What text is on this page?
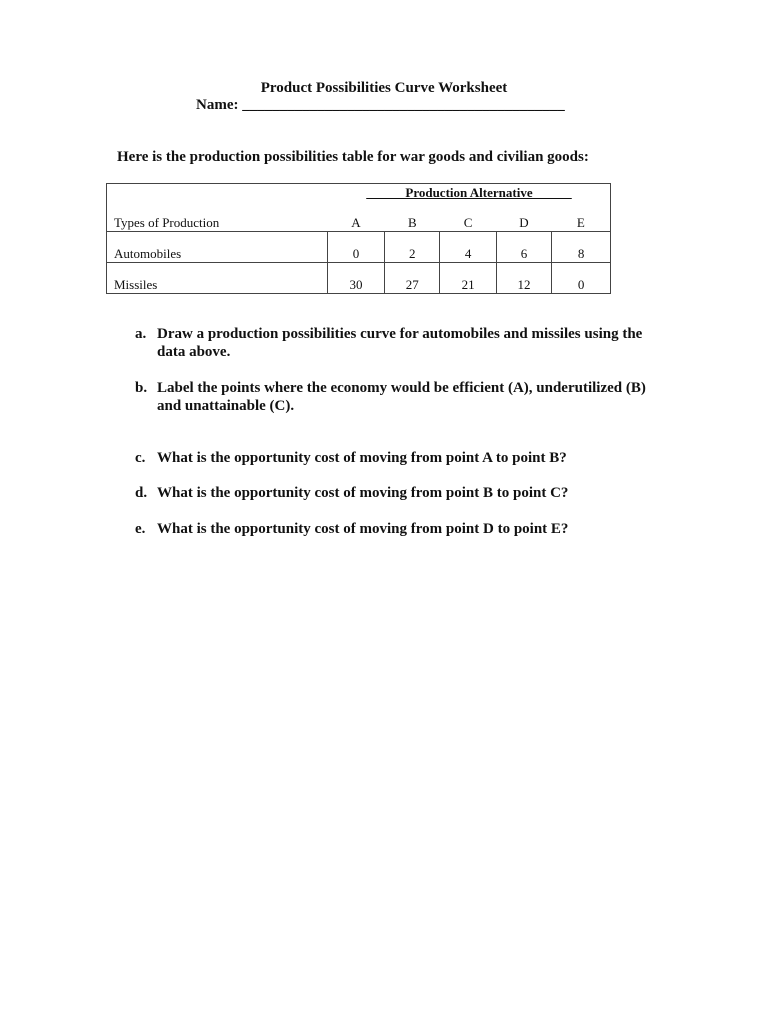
Product Possibilities Curve Worksheet
Name: ___________________________________________
Here is the production possibilities table for war goods and civilian goods:
Types of Production	A	B	C	D	E
Automobiles	0	2	4	6	8
Missiles	30	27	21	12	0
______Production Alternative______
a. Draw a production possibilities curve for automobiles and missiles using the data above.
b. Label the points where the economy would be efficient (A), underutilized (B) and unattainable (C).
c. What is the opportunity cost of moving from point A to point B?
d. What is the opportunity cost of moving from point B to point C?
e. What is the opportunity cost of moving from point D to point E?
